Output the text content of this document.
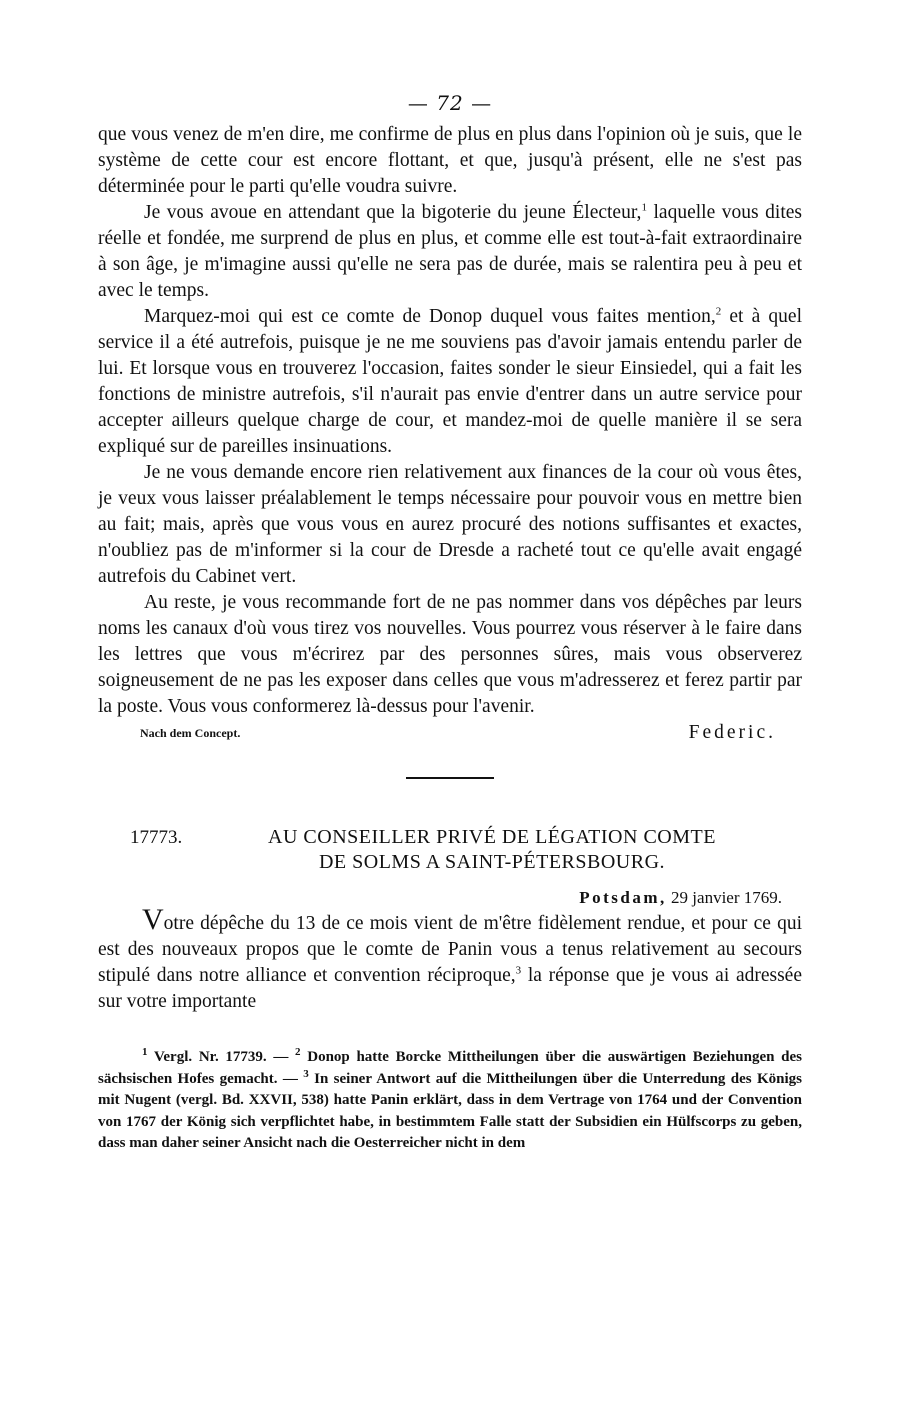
— 72 —

que vous venez de m'en dire, me confirme de plus en plus dans l'opinion où je suis, que le système de cette cour est encore flottant, et que, jusqu'à présent, elle ne s'est pas déterminée pour le parti qu'elle voudra suivre.

Je vous avoue en attendant que la bigoterie du jeune Électeur,$^1$ laquelle vous dites réelle et fondée, me surprend de plus en plus, et comme elle est tout-à-fait extraordinaire à son âge, je m'imagine aussi qu'elle ne sera pas de durée, mais se ralentira peu à peu et avec le temps.

Marquez-moi qui est ce comte de Donop duquel vous faites mention,$^2$ et à quel service il a été autrefois, puisque je ne me souviens pas d'avoir jamais entendu parler de lui. Et lorsque vous en trouverez l'occasion, faites sonder le sieur Einsiedel, qui a fait les fonctions de ministre autrefois, s'il n'aurait pas envie d'entrer dans un autre service pour accepter ailleurs quelque charge de cour, et mandez-moi de quelle manière il se sera expliqué sur de pareilles insinuations.

Je ne vous demande encore rien relativement aux finances de la cour où vous êtes, je veux vous laisser préalablement le temps nécessaire pour pouvoir vous en mettre bien au fait; mais, après que vous vous en aurez procuré des notions suffisantes et exactes, n'oubliez pas de m'informer si la cour de Dresde a racheté tout ce qu'elle avait engagé autrefois du Cabinet vert.

Au reste, je vous recommande fort de ne pas nommer dans vos dépêches par leurs noms les canaux d'où vous tirez vos nouvelles. Vous pourrez vous réserver à le faire dans les lettres que vous m'écrirez par des personnes sûres, mais vous observerez soigneusement de ne pas les exposer dans celles que vous m'adresserez et ferez partir par la poste. Vous vous conformerez là-dessus pour l'avenir.

Nach dem Concept.	Federic.
17773.	AU CONSEILLER PRIVÉ DE LÉGATION COMTE
DE SOLMS A SAINT-PÉTERSBOURG.
Potsdam, 29 janvier 1769.

Votre dépêche du 13 de ce mois vient de m'être fidèlement rendue, et pour ce qui est des nouveaux propos que le comte de Panin vous a tenus relativement au secours stipulé dans notre alliance et convention réciproque,$^3$ la réponse que je vous ai adressée sur votre importante

$^1$ Vergl. Nr. 17739. — $^2$ Donop hatte Borcke Mittheilungen über die auswärtigen Beziehungen des sächsischen Hofes gemacht. — $^3$ In seiner Antwort auf die Mittheilungen über die Unterredung des Königs mit Nugent (vergl. Bd. XXVII, 538) hatte Panin erklärt, dass in dem Vertrage von 1764 und der Convention von 1767 der König sich verpflichtet habe, in bestimmtem Falle statt der Subsidien ein Hülfscorps zu geben, dass man daher seiner Ansicht nach die Oesterreicher nicht in dem
